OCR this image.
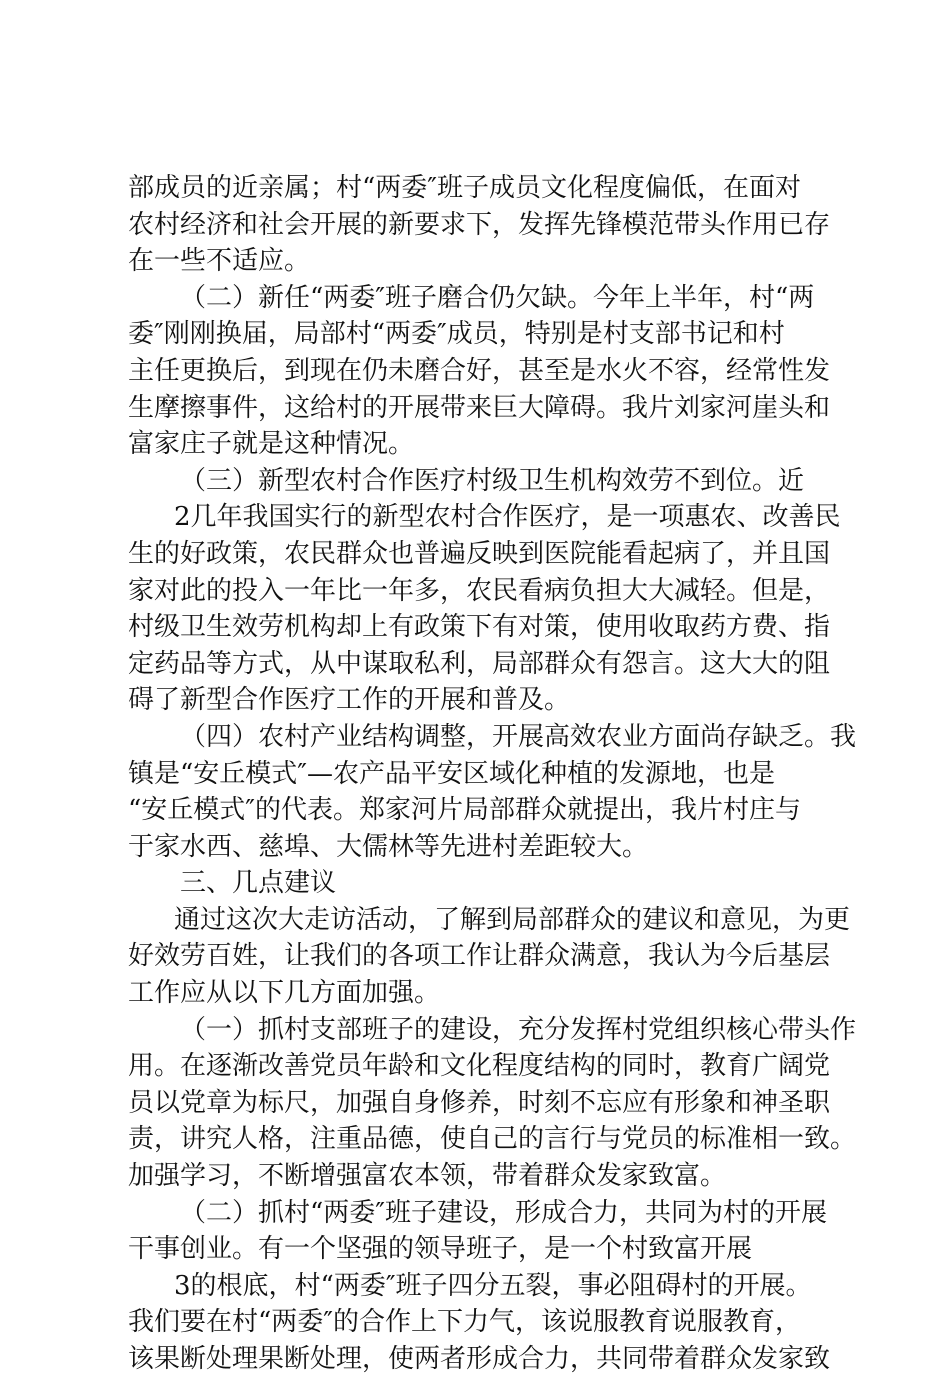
部成员的近亲属；村“两委″班子成员文化程度偏低，在面对

农村经济和社会开展的新要求下，发挥先锋模范带头作用已存

在一些不适应。

（二）新任“两委″班子磨合仍欠缺。今年上半年，村“两

委″刚刚换届，局部村“两委″成员，特别是村支部书记和村

主任更换后，到现在仍未磨合好，甚至是水火不容，经常性发

生摩擦事件，这给村的开展带来巨大障碍。我片刘家河崖头和

富家庄子就是这种情况。

（三）新型农村合作医疗村级卫生机构效劳不到位。近

2几年我国实行的新型农村合作医疗，是一项惠农、改善民

生的好政策，农民群众也普遍反映到医院能看起病了，并且国

家对此的投入一年比一年多，农民看病负担大大减轻。但是，

村级卫生效劳机构却上有政策下有对策，使用收取药方费、指

定药品等方式，从中谋取私利，局部群众有怨言。这大大的阻

碍了新型合作医疗工作的开展和普及。

（四）农村产业结构调整，开展高效农业方面尚存缺乏。我

镇是“安丘模式″—农产品平安区域化种植的发源地，也是

“安丘模式″的代表。郑家河片局部群众就提出，我片村庄与

于家水西、慈埠、大儒林等先进村差距较大。

三、几点建议

通过这次大走访活动，了解到局部群众的建议和意见，为更

好效劳百姓，让我们的各项工作让群众满意，我认为今后基层

工作应从以下几方面加强。

（一）抓村支部班子的建设，充分发挥村党组织核心带头作

用。在逐渐改善党员年龄和文化程度结构的同时，教育广阔党

员以党章为标尺，加强自身修养，时刻不忘应有形象和神圣职

责，讲究人格，注重品德，使自己的言行与党员的标准相一致。

加强学习，不断增强富农本领，带着群众发家致富。

（二）抓村“两委″班子建设，形成合力，共同为村的开展

干事创业。有一个坚强的领导班子，是一个村致富开展

3的根底，村“两委″班子四分五裂，事必阻碍村的开展。

我们要在村“两委″的合作上下力气，该说服教育说服教育，

该果断处理果断处理，使两者形成合力，共同带着群众发家致
